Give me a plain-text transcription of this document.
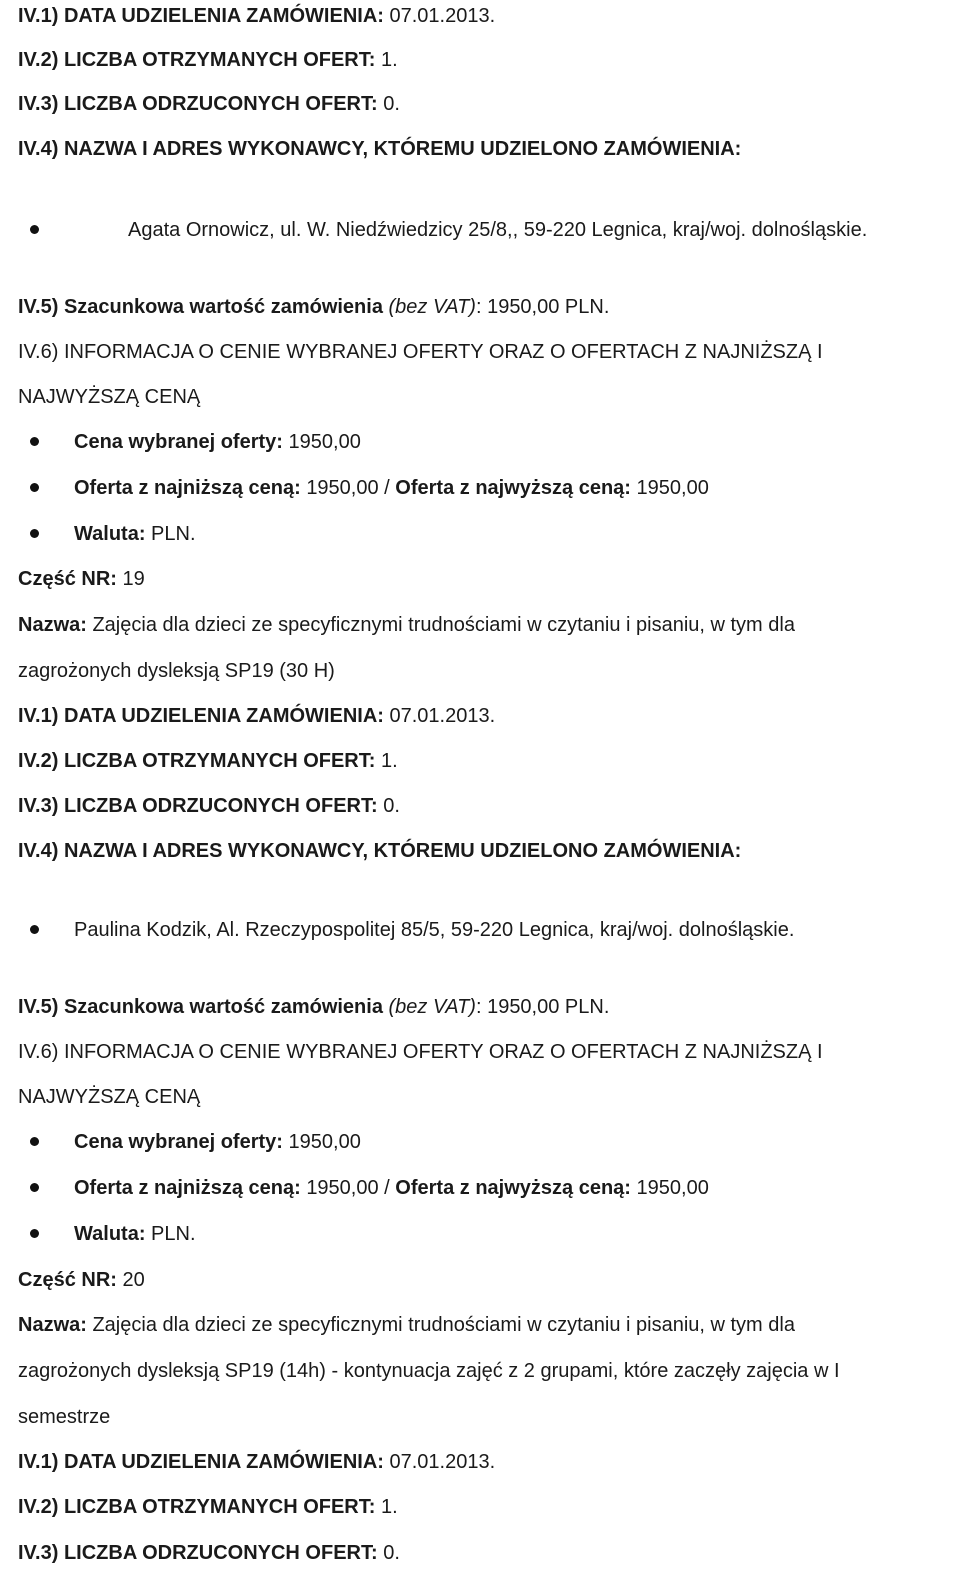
IV.1) DATA UDZIELENIA ZAMÓWIENIA: 07.01.2013.
IV.2) LICZBA OTRZYMANYCH OFERT: 1.
IV.3) LICZBA ODRZUCONYCH OFERT: 0.
IV.4) NAZWA I ADRES WYKONAWCY, KTÓREMU UDZIELONO ZAMÓWIENIA:
Agata Ornowicz, ul. W. Niedźwiedzicy 25/8,, 59-220 Legnica, kraj/woj. dolnośląskie.
IV.5) Szacunkowa wartość zamówienia (bez VAT): 1950,00 PLN.
IV.6) INFORMACJA O CENIE WYBRANEJ OFERTY ORAZ O OFERTACH Z NAJNIŻSZĄ I
NAJWYŻSZĄ CENĄ
Cena wybranej oferty: 1950,00
Oferta z najniższą ceną: 1950,00 / Oferta z najwyższą ceną: 1950,00
Waluta: PLN.
Część NR: 19
Nazwa: Zajęcia dla dzieci ze specyficznymi trudnościami w czytaniu i pisaniu, w tym dla
zagrożonych dysleksją SP19 (30 H)
IV.1) DATA UDZIELENIA ZAMÓWIENIA: 07.01.2013.
IV.2) LICZBA OTRZYMANYCH OFERT: 1.
IV.3) LICZBA ODRZUCONYCH OFERT: 0.
IV.4) NAZWA I ADRES WYKONAWCY, KTÓREMU UDZIELONO ZAMÓWIENIA:
Paulina Kodzik, Al. Rzeczypospolitej 85/5, 59-220 Legnica, kraj/woj. dolnośląskie.
IV.5) Szacunkowa wartość zamówienia (bez VAT): 1950,00 PLN.
IV.6) INFORMACJA O CENIE WYBRANEJ OFERTY ORAZ O OFERTACH Z NAJNIŻSZĄ I
NAJWYŻSZĄ CENĄ
Cena wybranej oferty: 1950,00
Oferta z najniższą ceną: 1950,00 / Oferta z najwyższą ceną: 1950,00
Waluta: PLN.
Część NR: 20
Nazwa: Zajęcia dla dzieci ze specyficznymi trudnościami w czytaniu i pisaniu, w tym dla
zagrożonych dysleksją SP19 (14h) - kontynuacja zajęć z 2 grupami, które zaczęły zajęcia w I
semestrze
IV.1) DATA UDZIELENIA ZAMÓWIENIA: 07.01.2013.
IV.2) LICZBA OTRZYMANYCH OFERT: 1.
IV.3) LICZBA ODRZUCONYCH OFERT: 0.
